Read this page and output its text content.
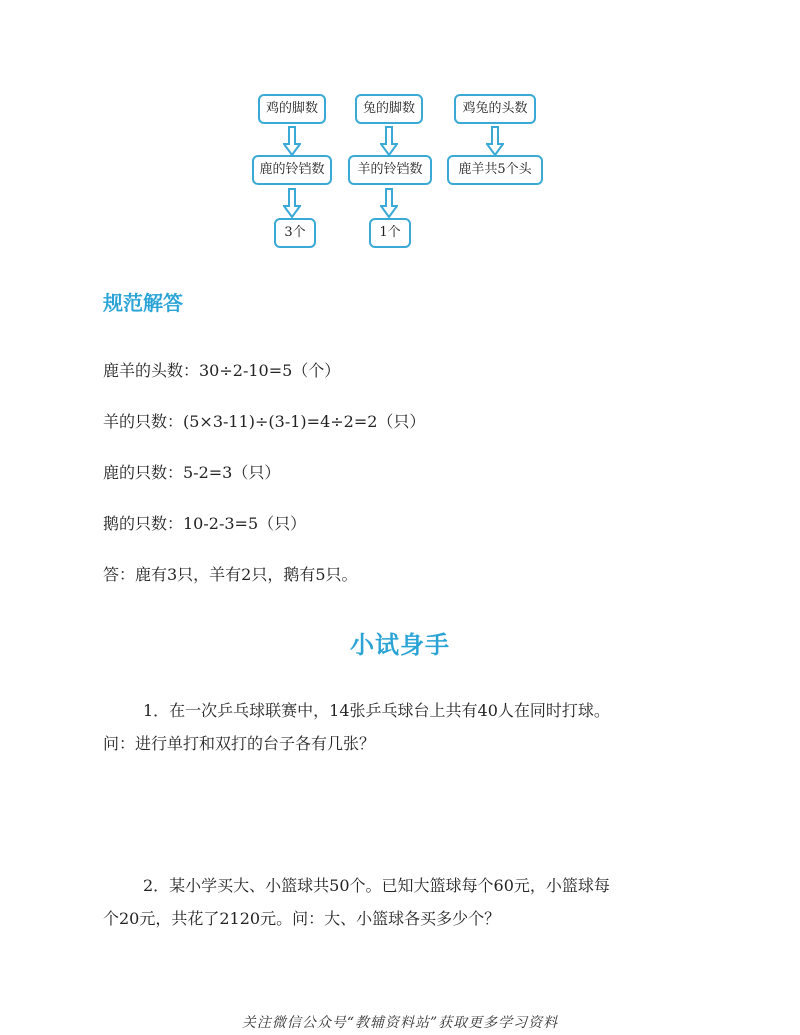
鸡的脚数	兔的脚数	鸡兔的头数
鹿的铃铛数	羊的铃铛数	鹿羊共5个头
3个	1个
规范解答
鹿羊的头数：30÷2-10=5（个）
羊的只数：(5×3-11)÷(3-1)=4÷2=2（只）
鹿的只数：5-2=3（只）
鹅的只数：10-2-3=5（只）
答：鹿有3只，羊有2只，鹅有5只。
小试身手
1．在一次乒乓球联赛中，14张乒乓球台上共有40人在同时打球。
问：进行单打和双打的台子各有几张？
2．某小学买大、小篮球共50个。已知大篮球每个60元，小篮球每
个20元，共花了2120元。问：大、小篮球各买多少个？
关注微信公众号“教辅资料站”获取更多学习资料
